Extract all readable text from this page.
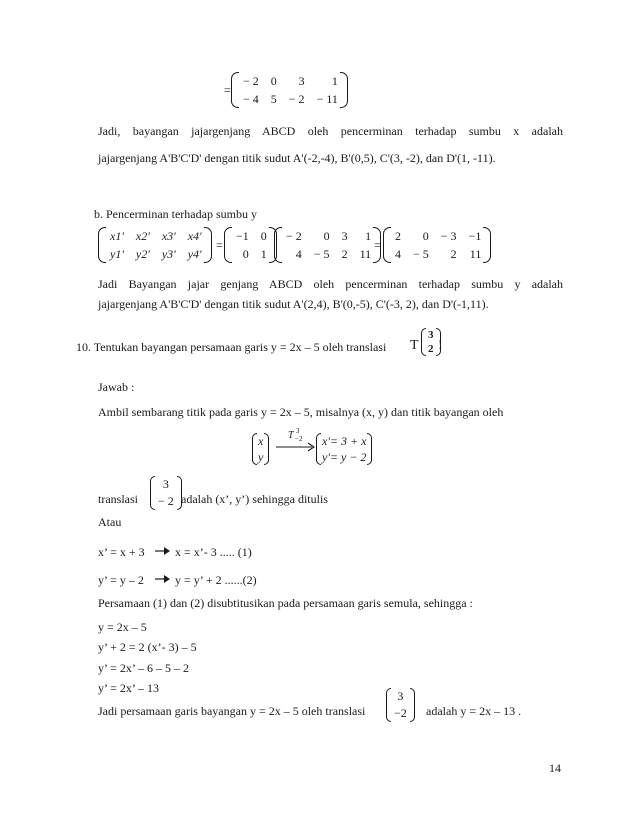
=
− 2	0	3	1
− 4	5	− 2	− 11
Jadi, bayangan jajargenjang ABCD oleh pencerminan terhadap sumbu x adalah
jajargenjang A'B'C'D' dengan titik sudut A'(-2,-4), B'(0,5), C'(3, -2), dan D'(1, -11).
b. Pencerminan terhadap sumbu y
x1'	x2'	x3'	x4'
y1'	y2'	y3'	y4'
=
−1	0
0	1
− 2	0	3	1
4	− 5	2	11
=
2	0	− 3	−1
4	− 5	2	11
Jadi Bayangan jajar genjang ABCD oleh pencerminan terhadap sumbu y adalah
jajargenjang A'B'C'D' dengan titik sudut A'(2,4), B'(0,-5), C'(-3, 2), dan D'(-1,11).
10. Tentukan bayangan persamaan garis y = 2x – 5 oleh translasi T
3
2 !
Jawab :
Ambil sembarang titik pada garis y = 2x – 5, misalnya (x, y) dan titik bayangan oleh
x
y
T 3
−2 x'= 3 + x
y'= y − 2
translasi
3
− 2 adalah (x’, y’) sehingga ditulis
Atau
x’ = x + 3	x = x’- 3 ..... (1)
y’ = y – 2	y = y’ + 2 ......(2)
Persamaan (1) dan (2) disubtitusikan pada persamaan garis semula, sehingga :
y = 2x – 5
y’ + 2 = 2 (x’- 3) – 5
y’ = 2x’ – 6 – 5 – 2
y’ = 2x’ – 13
Jadi persamaan garis bayangan y = 2x – 5 oleh translasi
3
−2 adalah y = 2x – 13 .
14
